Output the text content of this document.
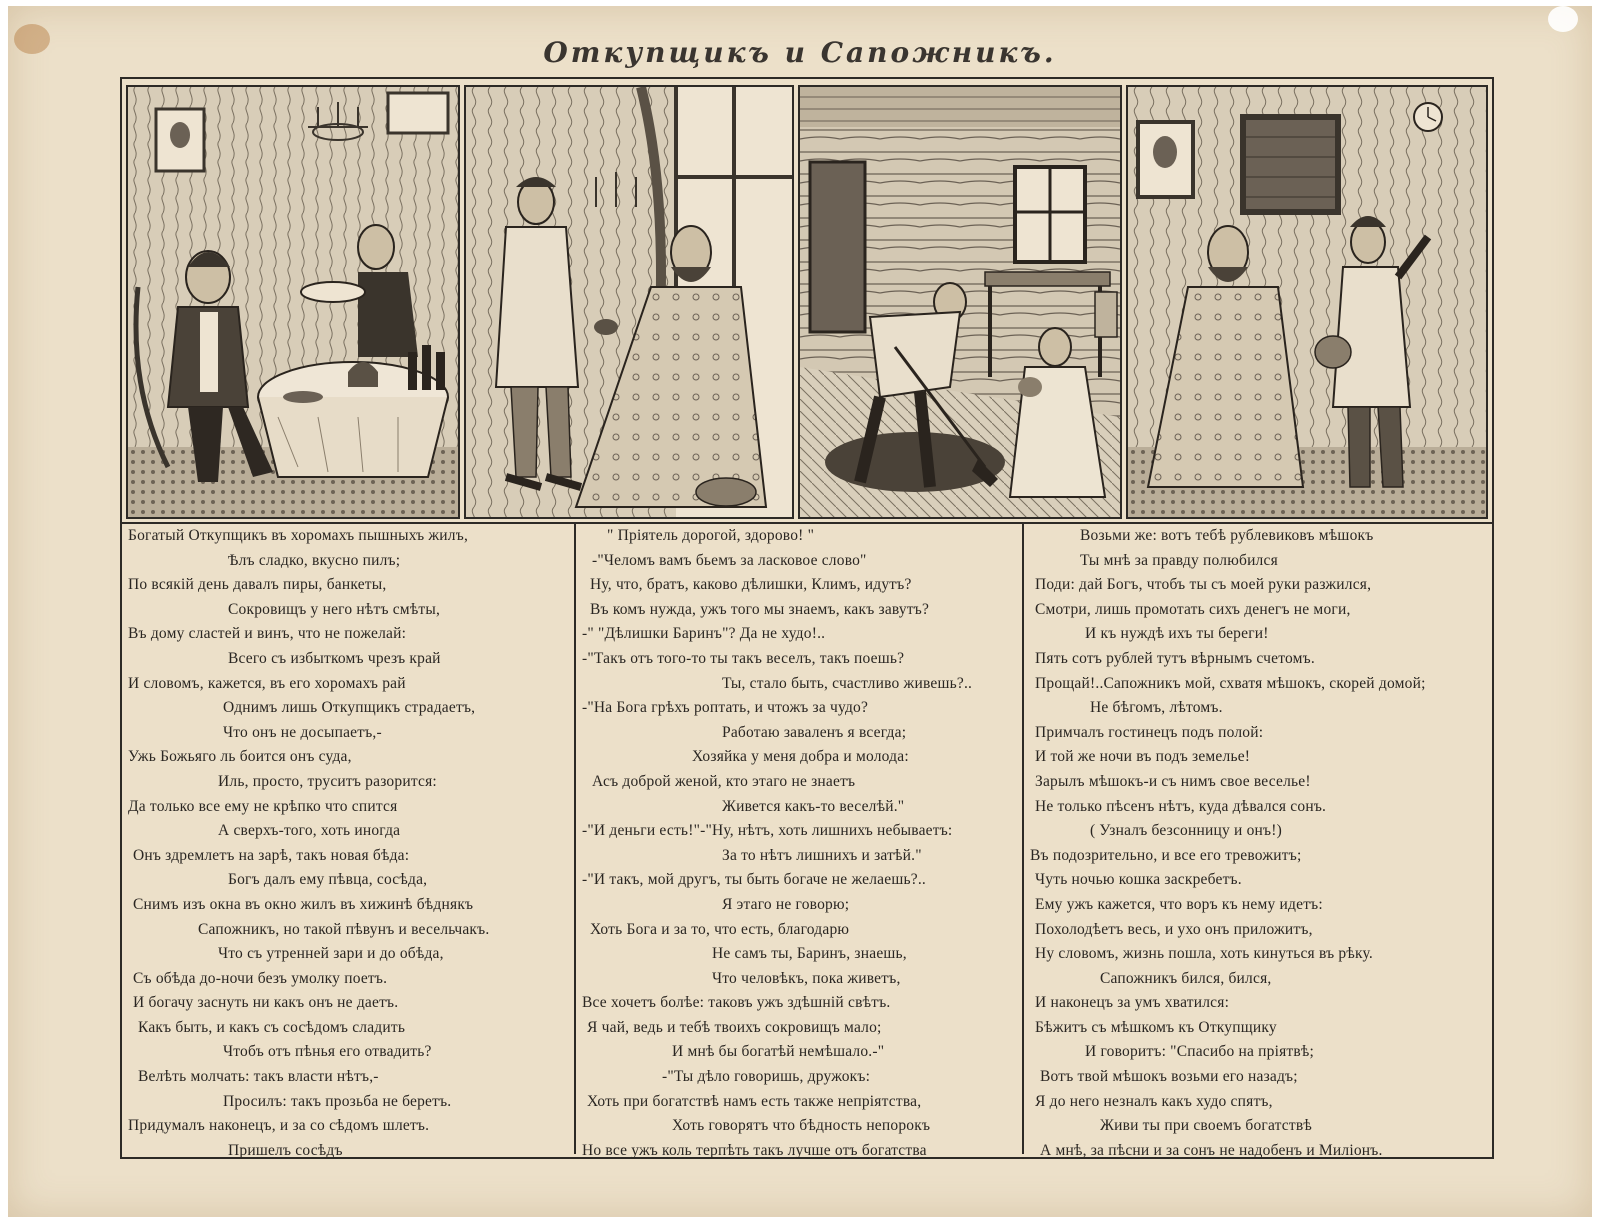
Откупщикъ и Сапожникъ.
Богатый Откупщикъ въ хоромахъ пышныхъ жилъ,
Ѣлъ сладко, вкусно пилъ;
По всякiй день давалъ пиры, банкеты,
Сокровищъ у него нѣтъ смѣты,
Въ дому сластей и винъ, что не пожелай:
Всего съ избыткомъ чрезъ край
И словомъ, кажется, въ его хоромахъ рай
Однимъ лишь Откупщикъ страдаетъ,
Что онъ не досыпаетъ,-
Ужь Божьяго ль боится онъ суда,
Иль, просто, труситъ разорится:
Да только все ему не крѣпко что спится
А сверхъ-того, хоть иногда
Онъ здремлетъ на зарѣ, такъ новая бѣда:
Богъ далъ ему пѣвца, сосѣда,
Снимъ изъ окна въ окно жилъ въ хижинѣ бѣднякъ
Сапожникъ, но такой пѣвунъ и весельчакъ.
Что съ утренней зари и до обѣда,
Съ обѣда до-ночи безъ умолку поетъ.
И богачу заснуть ни какъ онъ не даетъ.
Какъ быть, и какъ съ сосѣдомъ сладить
Чтобъ отъ пѣнья его отвадить?
Велѣть молчать: такъ власти нѣтъ,-
Просилъ: такъ прозьба не беретъ.
Придумалъ наконецъ, и за со сѣдомъ шлетъ.
Пришелъ сосѣдъ
" Прiятель дорогой, здорово! "
-"Челомъ вамъ бьемъ за ласковое слово"
Ну, что, братъ, каково дѣлишки, Климъ, идутъ?
Въ комъ нужда, ужъ того мы знаемъ, какъ завутъ?
-" "Дѣлишки Баринъ"? Да не худо!..
-"Такъ отъ того-то ты такъ веселъ, такъ поешь?
Ты, стало быть, счастливо живешь?..
-"На Бога грѣхъ роптать, и чтожъ за чудо?
Работаю заваленъ я всегда;
Хозяйка у меня добра и молода:
Асъ доброй женой, кто этаго не знаетъ
Живется какъ-то веселѣй."
-"И деньги есть!"-"Ну, нѣтъ, хоть лишнихъ небываетъ:
За то нѣтъ лишнихъ и затѣй."
-"И такъ, мой другъ, ты быть богаче не желаешь?..
Я этаго не говорю;
Хоть Бога и за то, что есть, благодарю
Не самъ ты, Баринъ, знаешь,
Что человѣкъ, пока живетъ,
Все хочетъ болѣе: таковъ ужъ здѣшнiй свѣтъ.
Я чай, ведь и тебѣ твоихъ сокровищъ мало;
И мнѣ бы богатѣй немѣшало.-"
-"Ты дѣло говоришь, дружокъ:
Хоть при богатствѣ намъ есть также непрiятства,
Хоть говорятъ что бѣдность непорокъ
Но все ужъ коль терпѣть такъ лучше отъ богатства
Возьми же: вотъ тебѣ рублевиковъ мѣшокъ
Ты мнѣ за правду полюбился
Поди: дай Богъ, чтобъ ты съ моей руки разжился,
Смотри, лишь промотать сихъ денегъ не моги,
И къ нуждѣ ихъ ты береги!
Пять сотъ рублей тутъ вѣрнымъ счетомъ.
Прощай!..Сапожникъ мой, схватя мѣшокъ, скорей домой;
Не бѣгомъ, лѣтомъ.
Примчалъ гостинецъ подъ полой:
И той же ночи въ подъ земелье!
Зарылъ мѣшокъ-и съ нимъ свое веселье!
Не только пѣсенъ нѣтъ, куда дѣвался сонъ.
( Узналъ безсонницу и онъ!)
Въ подозрительно, и все его тревожитъ;
Чуть ночью кошка заскребетъ.
Ему ужъ кажется, что воръ къ нему идетъ:
Похолодѣетъ весь, и ухо онъ приложитъ,
Ну словомъ, жизнь пошла, хоть кинуться въ рѣку.
Сапожникъ бился, бился,
И наконецъ за умъ хватился:
Бѣжитъ съ мѣшкомъ къ Откупщику
И говоритъ: "Спасибо на прiятвѣ;
Вотъ твой мѣшокъ возьми его назадъ;
Я до него незналъ какъ худо спятъ,
Живи ты при своемъ богатствѣ
А мнѣ, за пѣсни и за сонъ не надобенъ и Милiонъ.
